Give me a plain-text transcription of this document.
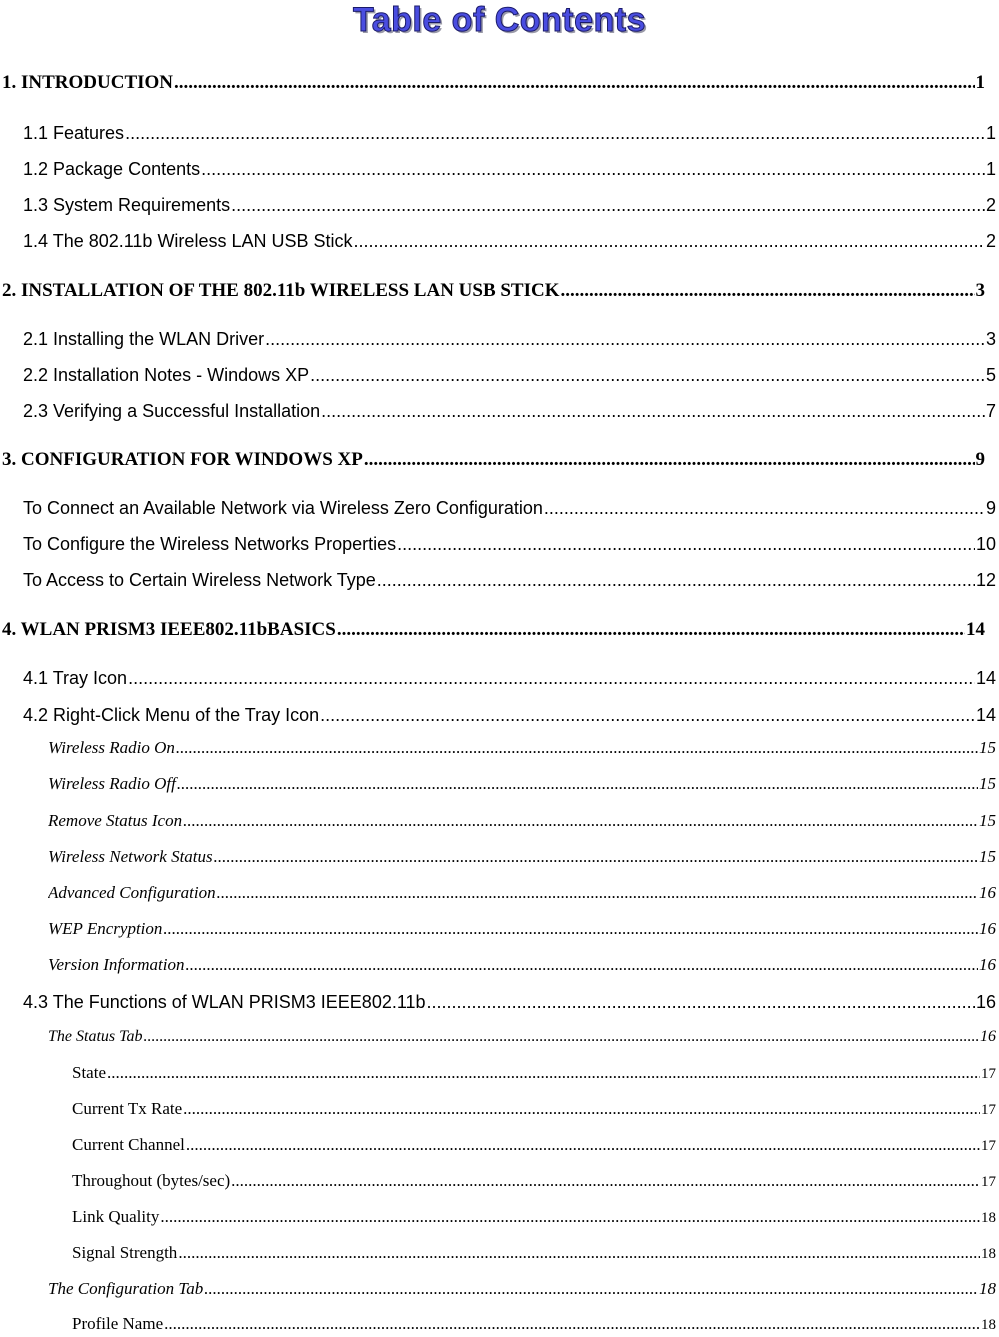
Table of Contents
1. INTRODUCTION .....	1
1.1 Features .....	1
1.2 Package Contents .....	1
1.3 System Requirements .....	2
1.4 The 802.11b Wireless LAN USB Stick .....	2
2. INSTALLATION OF THE 802.11b WIRELESS LAN USB STICK .....	3
2.1 Installing the WLAN Driver .....	3
2.2 Installation Notes - Windows XP .....	5
2.3 Verifying a Successful Installation .....	7
3. CONFIGURATION FOR WINDOWS XP .....	9
To Connect an Available Network via Wireless Zero Configuration .....	9
To Configure the Wireless Networks Properties .....	10
To Access to Certain Wireless Network Type .....	12
4. WLAN PRISM3 IEEE802.11bBASICS .....	14
4.1 Tray Icon .....	14
4.2 Right-Click Menu of the Tray Icon .....	14
Wireless Radio On .....	15
Wireless Radio Off .....	15
Remove Status Icon .....	15
Wireless Network Status .....	15
Advanced Configuration .....	16
WEP Encryption .....	16
Version Information .....	16
4.3 The Functions of WLAN PRISM3 IEEE802.11b .....	16
The Status Tab .....	16
State .....	17
Current Tx Rate .....	17
Current Channel .....	17
Throughout (bytes/sec) .....	17
Link Quality .....	18
Signal Strength .....	18
The Configuration Tab .....	18
Profile Name .....	18
